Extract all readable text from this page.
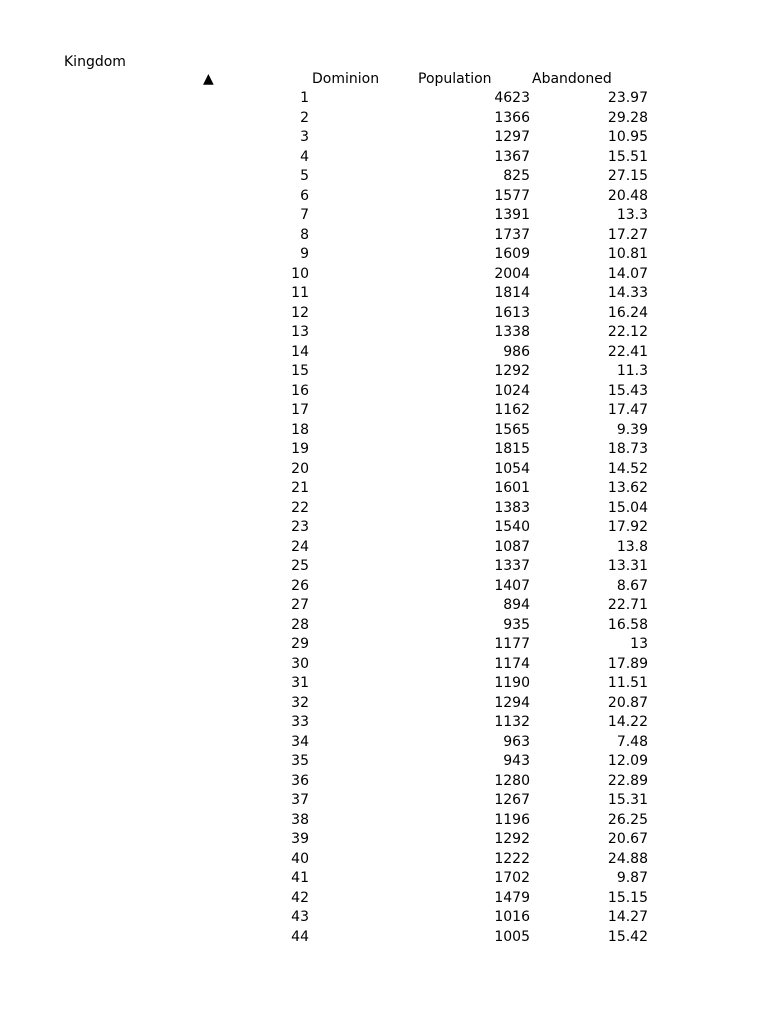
Kingdom
▲	Dominion	Population	Abandoned
1	4623	23.97
2	1366	29.28
3	1297	10.95
4	1367	15.51
5	825	27.15
6	1577	20.48
7	1391	13.3
8	1737	17.27
9	1609	10.81
10	2004	14.07
11	1814	14.33
12	1613	16.24
13	1338	22.12
14	986	22.41
15	1292	11.3
16	1024	15.43
17	1162	17.47
18	1565	9.39
19	1815	18.73
20	1054	14.52
21	1601	13.62
22	1383	15.04
23	1540	17.92
24	1087	13.8
25	1337	13.31
26	1407	8.67
27	894	22.71
28	935	16.58
29	1177	13
30	1174	17.89
31	1190	11.51
32	1294	20.87
33	1132	14.22
34	963	7.48
35	943	12.09
36	1280	22.89
37	1267	15.31
38	1196	26.25
39	1292	20.67
40	1222	24.88
41	1702	9.87
42	1479	15.15
43	1016	14.27
44	1005	15.42
